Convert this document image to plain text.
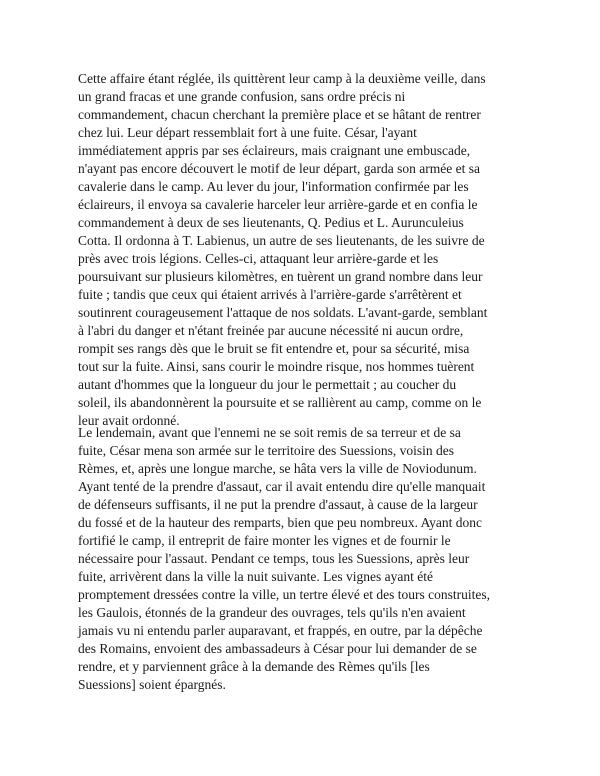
Cette affaire étant réglée, ils quittèrent leur camp à la deuxième veille, dans
un grand fracas et une grande confusion, sans ordre précis ni
commandement, chacun cherchant la première place et se hâtant de rentrer
chez lui. Leur départ ressemblait fort à une fuite. César, l'ayant
immédiatement appris par ses éclaireurs, mais craignant une embuscade,
n'ayant pas encore découvert le motif de leur départ, garda son armée et sa
cavalerie dans le camp. Au lever du jour, l'information confirmée par les
éclaireurs, il envoya sa cavalerie harceler leur arrière-garde et en confia le
commandement à deux de ses lieutenants, Q. Pedius et L. Aurunculeius
Cotta. Il ordonna à T. Labienus, un autre de ses lieutenants, de les suivre de
près avec trois légions. Celles-ci, attaquant leur arrière-garde et les
poursuivant sur plusieurs kilomètres, en tuèrent un grand nombre dans leur
fuite ; tandis que ceux qui étaient arrivés à l'arrière-garde s'arrêtèrent et
soutinrent courageusement l'attaque de nos soldats. L'avant-garde, semblant
à l'abri du danger et n'étant freinée par aucune nécessité ni aucun ordre,
rompit ses rangs dès que le bruit se fit entendre et, pour sa sécurité, misa
tout sur la fuite. Ainsi, sans courir le moindre risque, nos hommes tuèrent
autant d'hommes que la longueur du jour le permettait ; au coucher du
soleil, ils abandonnèrent la poursuite et se rallièrent au camp, comme on le
leur avait ordonné.
Le lendemain, avant que l'ennemi ne se soit remis de sa terreur et de sa
fuite, César mena son armée sur le territoire des Suessions, voisin des
Rèmes, et, après une longue marche, se hâta vers la ville de Noviodunum.
Ayant tenté de la prendre d'assaut, car il avait entendu dire qu'elle manquait
de défenseurs suffisants, il ne put la prendre d'assaut, à cause de la largeur
du fossé et de la hauteur des remparts, bien que peu nombreux. Ayant donc
fortifié le camp, il entreprit de faire monter les vignes et de fournir le
nécessaire pour l'assaut. Pendant ce temps, tous les Suessions, après leur
fuite, arrivèrent dans la ville la nuit suivante. Les vignes ayant été
promptement dressées contre la ville, un tertre élevé et des tours construites,
les Gaulois, étonnés de la grandeur des ouvrages, tels qu'ils n'en avaient
jamais vu ni entendu parler auparavant, et frappés, en outre, par la dépêche
des Romains, envoient des ambassadeurs à César pour lui demander de se
rendre, et y parviennent grâce à la demande des Rèmes qu'ils [les
Suessions] soient épargnés.
